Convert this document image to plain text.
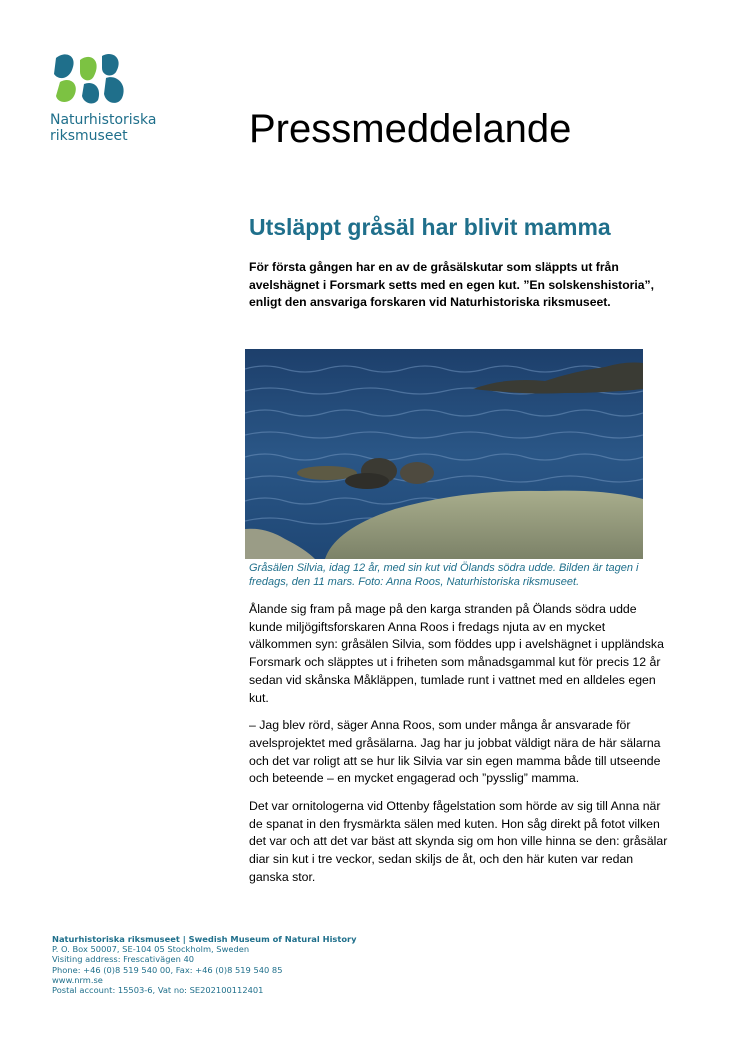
Naturhistoriska
riksmuseet	Pressmeddelande
Utsläppt gråsäl har blivit mamma
För första gången har en av de gråsälskutar som släppts ut från avelshägnet i Forsmark setts med en egen kut. ”En solskenshistoria”, enligt den ansvariga forskaren vid Naturhistoriska riksmuseet.
Gråsälen Silvia, idag 12 år, med sin kut vid Ölands södra udde. Bilden är tagen i fredags, den 11 mars. Foto: Anna Roos, Naturhistoriska riksmuseet.

Ålande sig fram på mage på den karga stranden på Ölands södra udde kunde miljögiftsforskaren Anna Roos i fredags njuta av en mycket välkommen syn: gråsälen Silvia, som föddes upp i avelshägnet i uppländska Forsmark och släpptes ut i friheten som månadsgammal kut för precis 12 år sedan vid skånska Måkläppen, tumlade runt i vattnet med en alldeles egen kut.

– Jag blev rörd, säger Anna Roos, som under många år ansvarade för avelsprojektet med gråsälarna. Jag har ju jobbat väldigt nära de här sälarna och det var roligt att se hur lik Silvia var sin egen mamma både till utseende och beteende – en mycket engagerad och ”pysslig” mamma.

Det var ornitologerna vid Ottenby fågelstation som hörde av sig till Anna när de spanat in den frysmärkta sälen med kuten. Hon såg direkt på fotot vilken det var och att det var bäst att skynda sig om hon ville hinna se den: gråsälar diar sin kut i tre veckor, sedan skiljs de åt, och den här kuten var redan ganska stor.

Naturhistoriska riksmuseet | Swedish Museum of Natural History
P. O. Box 50007, SE-104 05 Stockholm, Sweden
Visiting address: Frescativägen 40
Phone: +46 (0)8 519 540 00, Fax: +46 (0)8 519 540 85
www.nrm.se
Postal account: 15503-6, Vat no: SE202100112401
